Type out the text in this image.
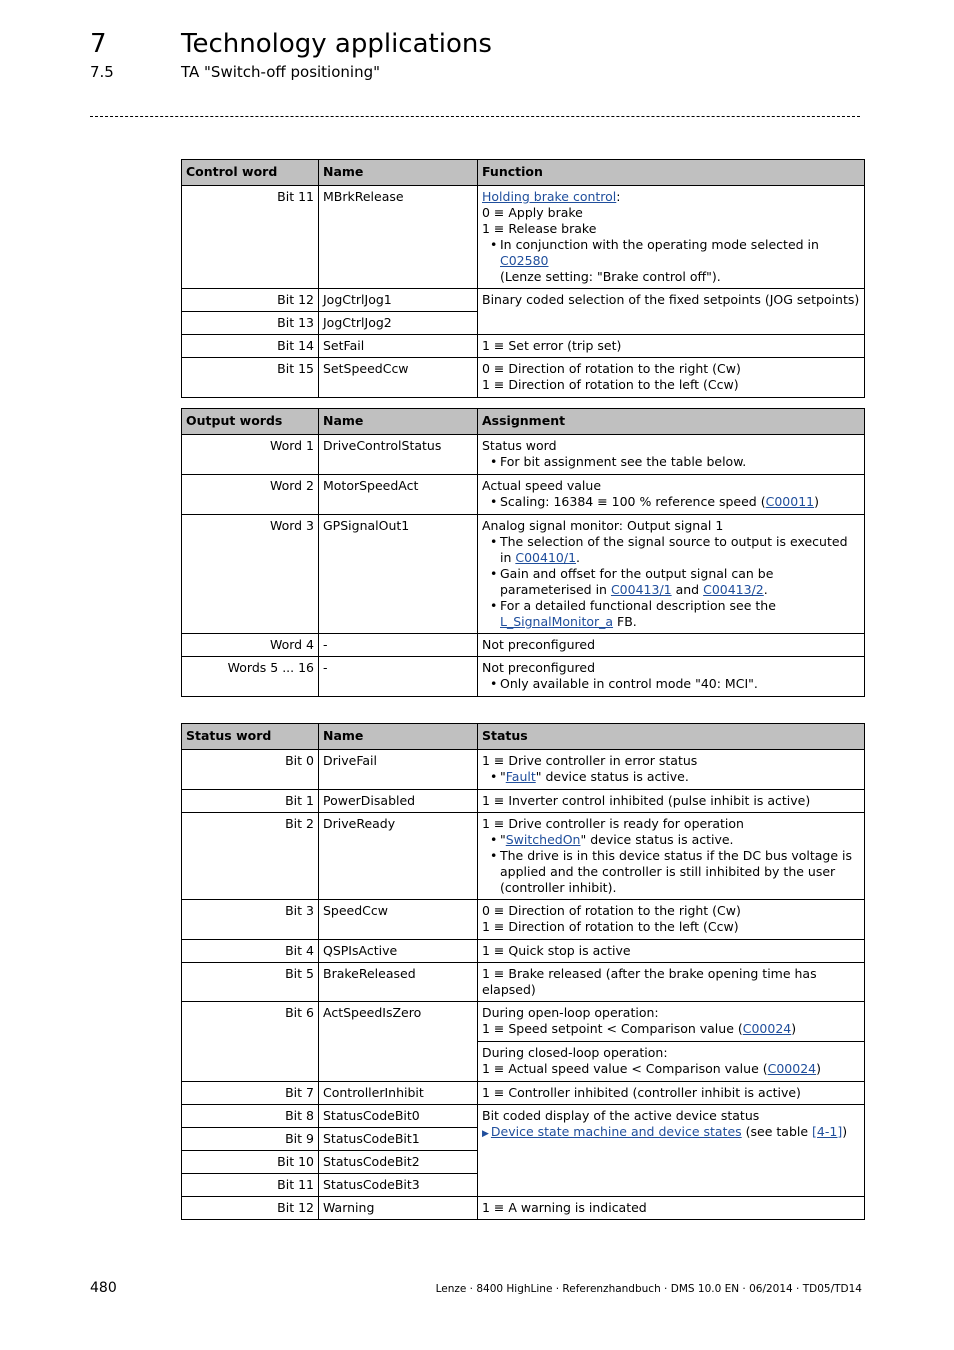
7	Technology applications
7.5	TA "Switch-off positioning"
Control word	Name	Function
Bit 11	MBrkRelease	Holding brake control:
0 ≡ Apply brake
1 ≡ Release brake
• In conjunction with the operating mode selected in C02580
(Lenze setting: "Brake control off").

Bit 12	JogCtrlJog1	Binary coded selection of the fixed setpoints (JOG setpoints)
Bit 13	JogCtrlJog2	
Bit 14	SetFail	1 ≡ Set error (trip set)
Bit 15	SetSpeedCcw	0 ≡ Direction of rotation to the right (Cw)
1 ≡ Direction of rotation to the left (Ccw)
Output words	Name	Assignment
Word 1	DriveControlStatus	Status word
• For bit assignment see the table below.

Word 2	MotorSpeedAct	Actual speed value
• Scaling: 16384 ≡ 100 % reference speed (C00011)

Word 3	GPSignalOut1	Analog signal monitor: Output signal 1
• The selection of the signal source to output is executed in C00410/1.
• Gain and offset for the output signal can be parameterised in C00413/1 and C00413/2.
• For a detailed functional description see the L_SignalMonitor_a FB.

Word 4	-	Not preconfigured
Words 5 ... 16	-	Not preconfigured
• Only available in control mode "40: MCI".
Status word	Name	Status
Bit 0	DriveFail	1 ≡ Drive controller in error status
• "Fault" device status is active.

Bit 1	PowerDisabled	1 ≡ Inverter control inhibited (pulse inhibit is active)
Bit 2	DriveReady	1 ≡ Drive controller is ready for operation
• "SwitchedOn" device status is active.
• The drive is in this device status if the DC bus voltage is applied and the controller is still inhibited by the user (controller inhibit).

Bit 3	SpeedCcw	0 ≡ Direction of rotation to the right (Cw)
1 ≡ Direction of rotation to the left (Ccw)

Bit 4	QSPIsActive	1 ≡ Quick stop is active
Bit 5	BrakeReleased	1 ≡ Brake released (after the brake opening time has elapsed)
Bit 6	ActSpeedIsZero	During open-loop operation:
1 ≡ Speed setpoint < Comparison value (C00024)

		During closed-loop operation:
1 ≡ Actual speed value < Comparison value (C00024)

Bit 7	ControllerInhibit	1 ≡ Controller inhibited (controller inhibit is active)
Bit 8	StatusCodeBit0	Bit coded display of the active device status
▶ Device state machine and device states (see table [4-1])

Bit 9	StatusCodeBit1	
Bit 10	StatusCodeBit2	
Bit 11	StatusCodeBit3	
Bit 12	Warning	1 ≡ A warning is indicated
480	Lenze · 8400 HighLine · Referenzhandbuch · DMS 10.0 EN · 06/2014 · TD05/TD14
